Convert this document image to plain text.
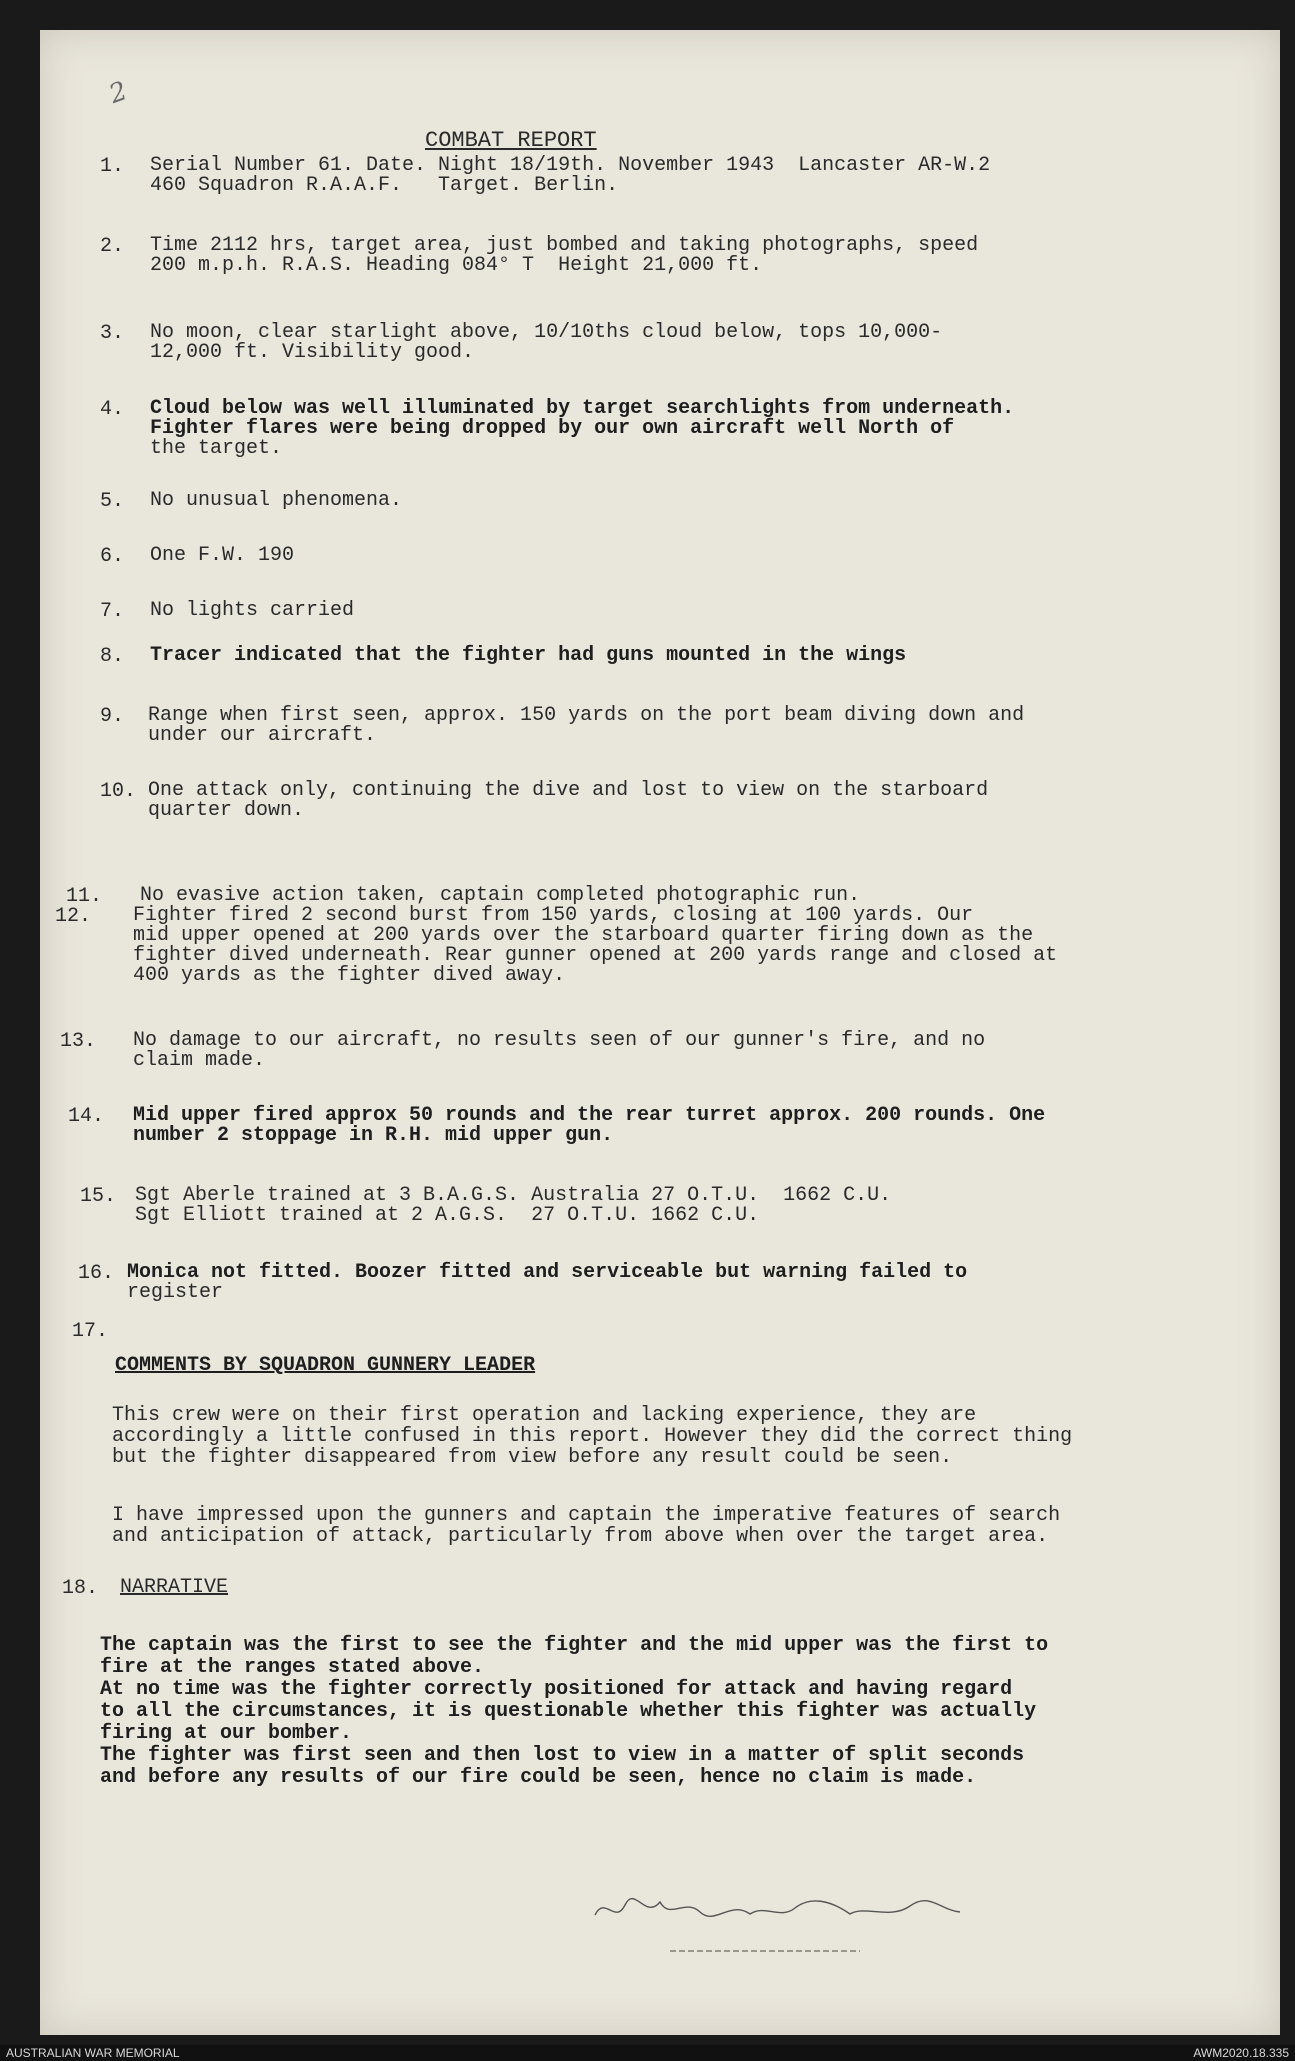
2
COMBAT REPORT
1. Serial Number 61. Date. Night 18/19th. November 1943  Lancaster AR-W.2
460 Squadron R.A.A.F.   Target. Berlin.
2. Time 2112 hrs, target area, just bombed and taking photographs, speed
200 m.p.h. R.A.S. Heading 084° T  Height 21,000 ft.
3. No moon, clear starlight above, 10/10ths cloud below, tops 10,000-
12,000 ft. Visibility good.
4. Cloud below was well illuminated by target searchlights from underneath.
Fighter flares were being dropped by our own aircraft well North of
the target.
5. No unusual phenomena.
6. One F.W. 190
7. No lights carried
8. Tracer indicated that the fighter had guns mounted in the wings
9. Range when first seen, approx. 150 yards on the port beam diving down and
under our aircraft.
10. One attack only, continuing the dive and lost to view on the starboard
quarter down.
11. No evasive action taken, captain completed photographic run.
12. Fighter fired 2 second burst from 150 yards, closing at 100 yards. Our
mid upper opened at 200 yards over the starboard quarter firing down as the
fighter dived underneath. Rear gunner opened at 200 yards range and closed at
400 yards as the fighter dived away.
13. No damage to our aircraft, no results seen of our gunner's fire, and no
claim made.
14. Mid upper fired approx 50 rounds and the rear turret approx. 200 rounds. One
number 2 stoppage in R.H. mid upper gun.
15. Sgt Aberle trained at 3 B.A.G.S. Australia 27 O.T.U.  1662 C.U.
Sgt Elliott trained at 2 A.G.S.  27 O.T.U. 1662 C.U.
16. Monica not fitted. Boozer fitted and serviceable but warning failed to
register
17.
COMMENTS BY SQUADRON GUNNERY LEADER
This crew were on their first operation and lacking experience, they are
accordingly a little confused in this report. However they did the correct thing
but the fighter disappeared from view before any result could be seen.
I have impressed upon the gunners and captain the imperative features of search
and anticipation of attack, particularly from above when over the target area.
18. NARRATIVE
The captain was the first to see the fighter and the mid upper was the first to
fire at the ranges stated above.
At no time was the fighter correctly positioned for attack and having regard
to all the circumstances, it is questionable whether this fighter was actually
firing at our bomber.
The fighter was first seen and then lost to view in a matter of split seconds
and before any results of our fire could be seen, hence no claim is made.
AUSTRALIAN WAR MEMORIAL	AWM2020.18.335
